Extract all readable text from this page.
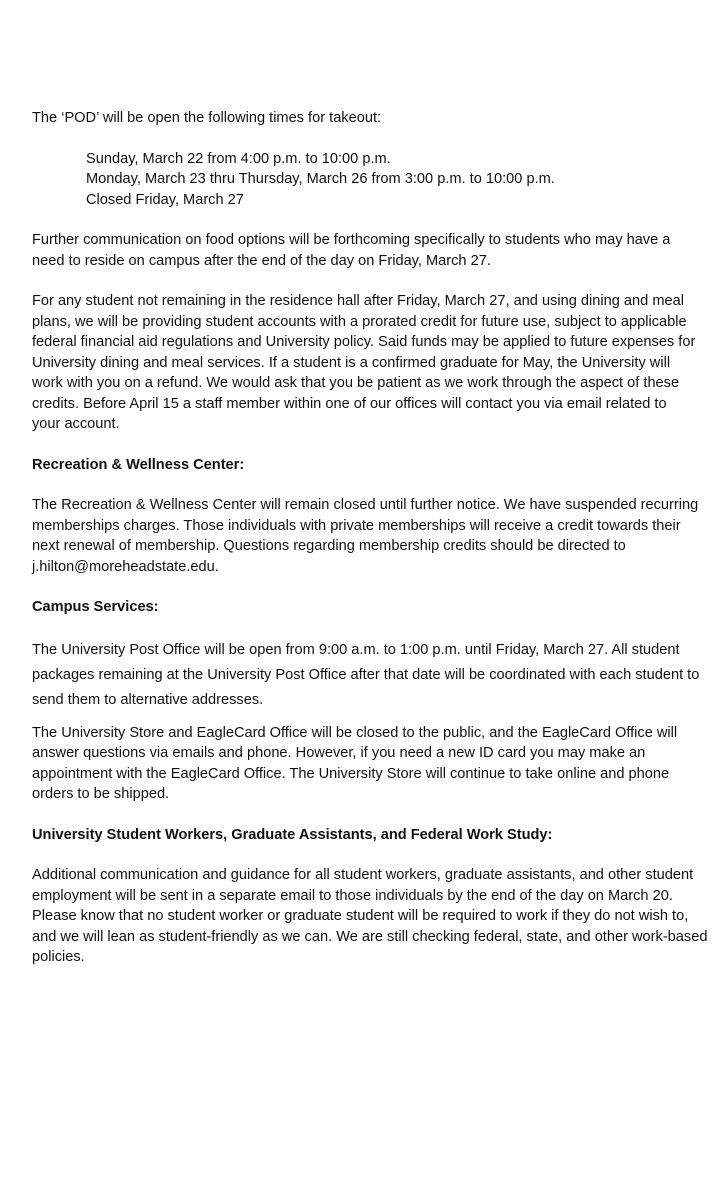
The ‘POD’ will be open the following times for takeout:

Sunday, March 22 from 4:00 p.m. to 10:00 p.m.
Monday, March 23 thru Thursday, March 26 from 3:00 p.m. to 10:00 p.m.
Closed Friday, March 27

Further communication on food options will be forthcoming specifically to students who may have a
need to reside on campus after the end of the day on Friday, March 27.

For any student not remaining in the residence hall after Friday, March 27, and using dining and meal
plans, we will be providing student accounts with a prorated credit for future use, subject to applicable
federal financial aid regulations and University policy. Said funds may be applied to future expenses for
University dining and meal services. If a student is a confirmed graduate for May, the University will
work with you on a refund. We would ask that you be patient as we work through the aspect of these
credits. Before April 15 a staff member within one of our offices will contact you via email related to
your account.

Recreation & Wellness Center:

The Recreation & Wellness Center will remain closed until further notice. We have suspended recurring
memberships charges. Those individuals with private memberships will receive a credit towards their
next renewal of membership. Questions regarding membership credits should be directed to
j.hilton@moreheadstate.edu.

Campus Services:

The University Post Office will be open from 9:00 a.m. to 1:00 p.m. until Friday, March 27. All student
packages remaining at the University Post Office after that date will be coordinated with each student to
send them to alternative addresses.

The University Store and EagleCard Office will be closed to the public, and the EagleCard Office will
answer questions via emails and phone. However, if you need a new ID card you may make an
appointment with the EagleCard Office. The University Store will continue to take online and phone
orders to be shipped.

University Student Workers, Graduate Assistants, and Federal Work Study:

Additional communication and guidance for all student workers, graduate assistants, and other student
employment will be sent in a separate email to those individuals by the end of the day on March 20.
Please know that no student worker or graduate student will be required to work if they do not wish to,
and we will lean as student-friendly as we can. We are still checking federal, state, and other work-based
policies.
